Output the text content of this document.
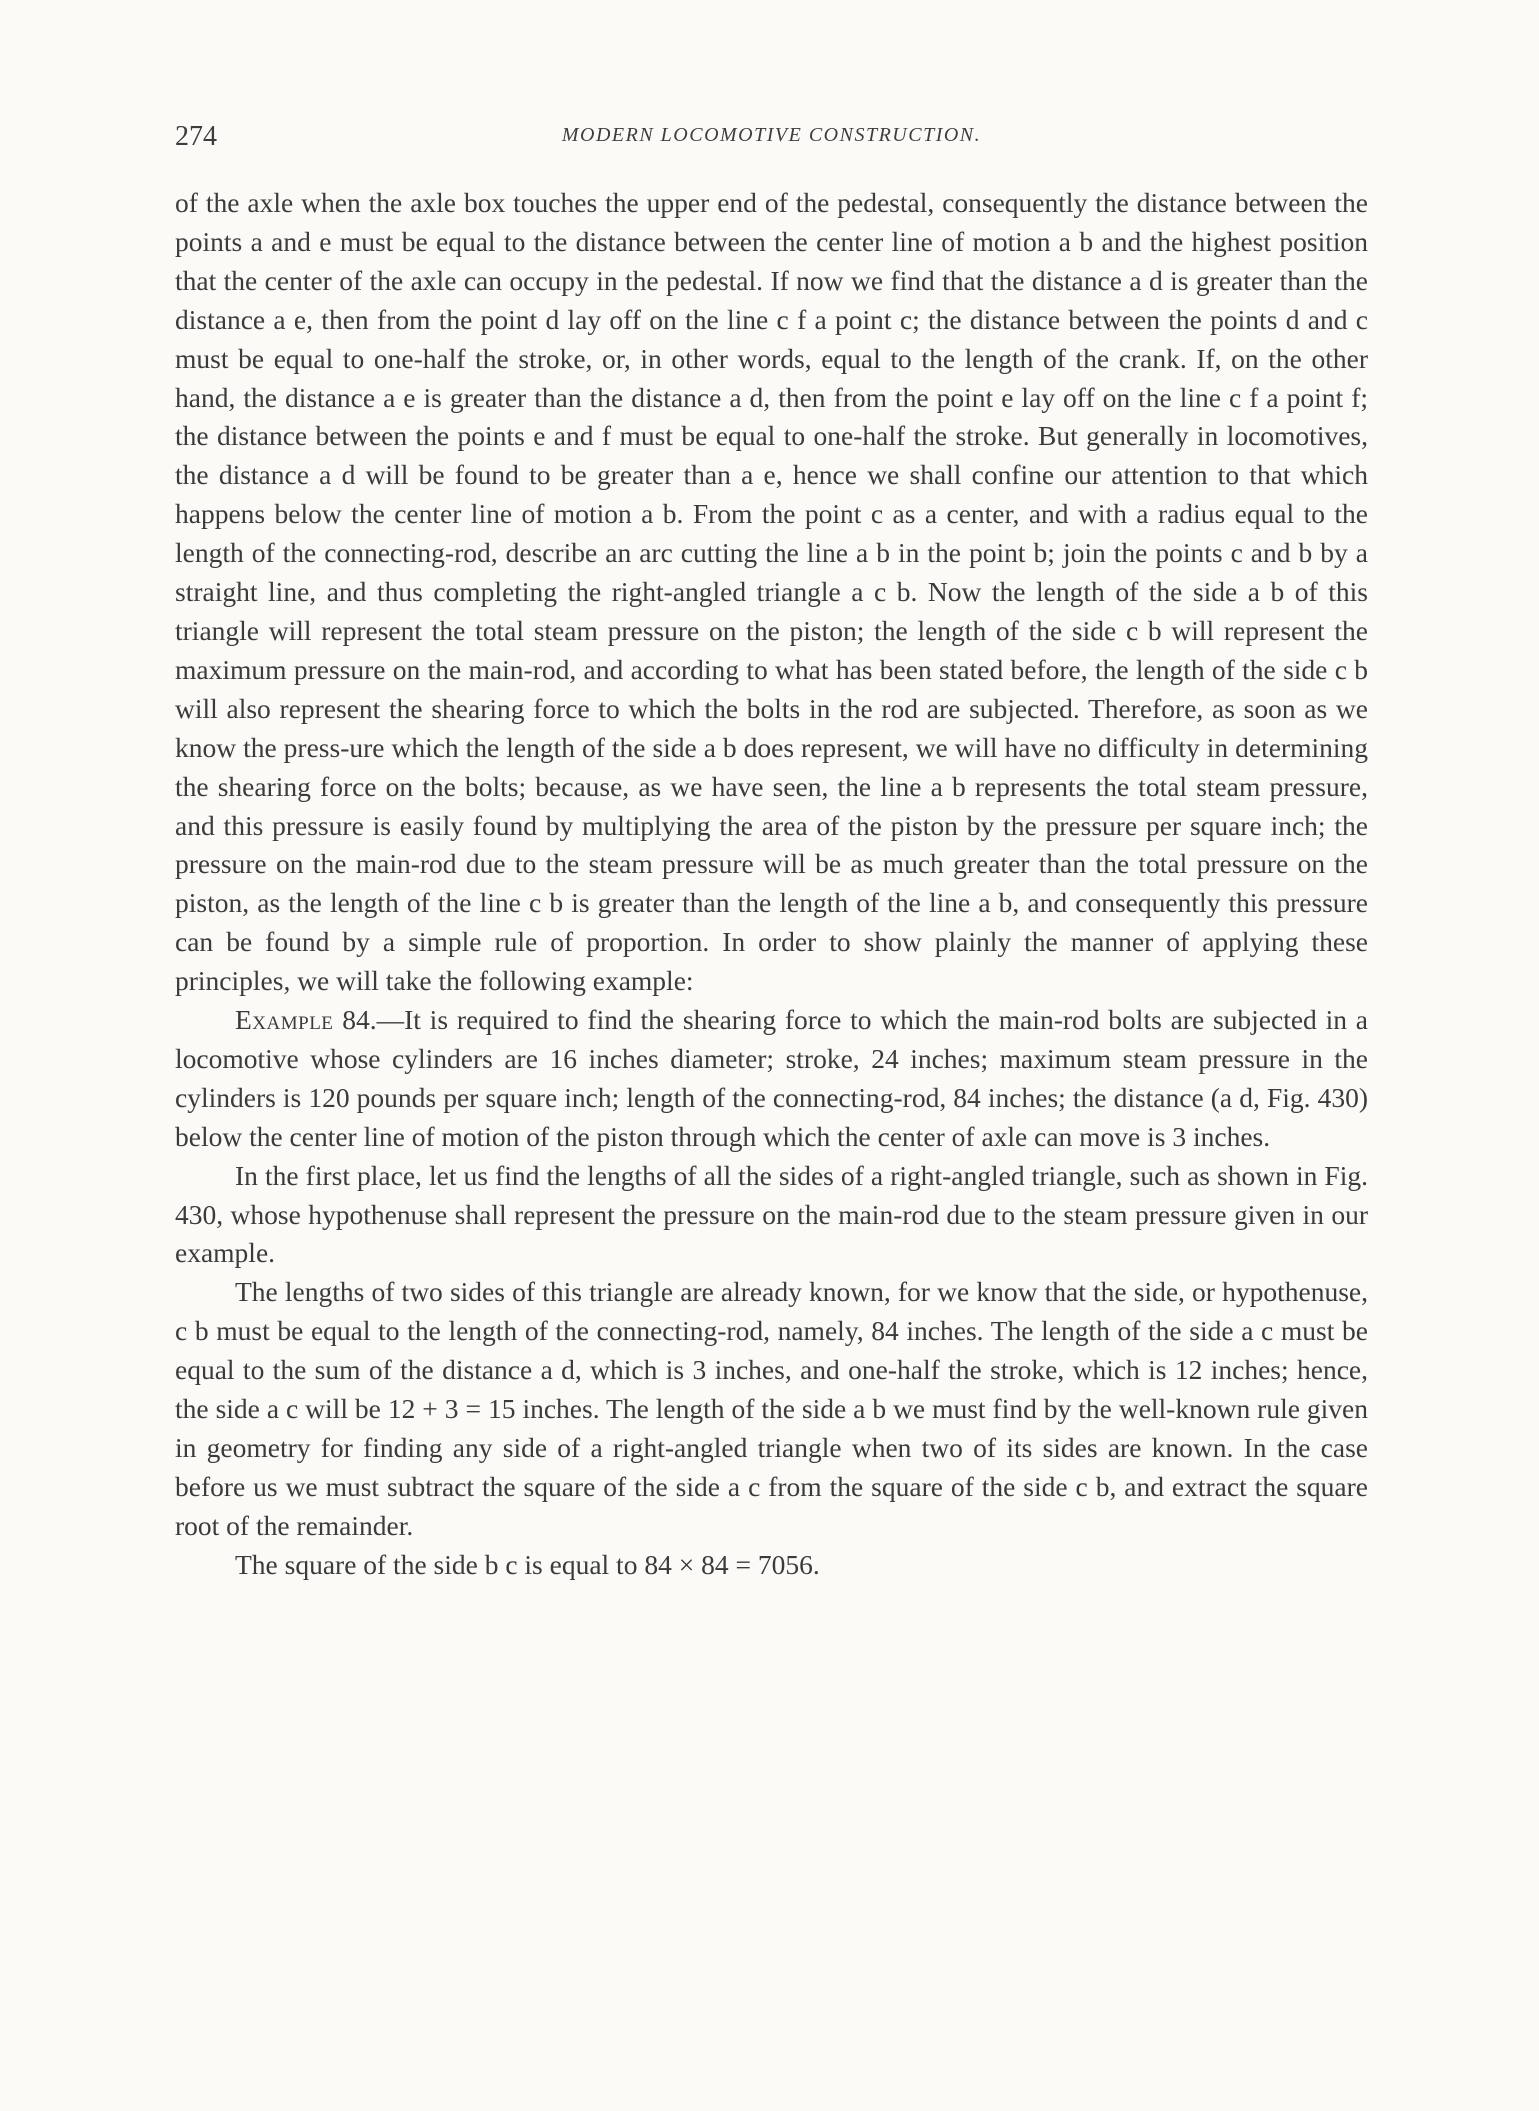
274	MODERN LOCOMOTIVE CONSTRUCTION.

of the axle when the axle box touches the upper end of the pedestal, consequently the distance between the points a and e must be equal to the distance between the center line of motion a b and the highest position that the center of the axle can occupy in the pedestal. If now we find that the distance a d is greater than the distance a e, then from the point d lay off on the line c f a point c; the distance between the points d and c must be equal to one-half the stroke, or, in other words, equal to the length of the crank. If, on the other hand, the distance a e is greater than the distance a d, then from the point e lay off on the line c f a point f; the distance between the points e and f must be equal to one-half the stroke. But generally in locomotives, the distance a d will be found to be greater than a e, hence we shall confine our attention to that which happens below the center line of motion a b. From the point c as a center, and with a radius equal to the length of the connecting-rod, describe an arc cutting the line a b in the point b; join the points c and b by a straight line, and thus completing the right-angled triangle a c b. Now the length of the side a b of this triangle will represent the total steam pressure on the piston; the length of the side c b will represent the maximum pressure on the main-rod, and according to what has been stated before, the length of the side c b will also represent the shearing force to which the bolts in the rod are subjected. Therefore, as soon as we know the press-ure which the length of the side a b does represent, we will have no difficulty in determining the shearing force on the bolts; because, as we have seen, the line a b represents the total steam pressure, and this pressure is easily found by multiplying the area of the piston by the pressure per square inch; the pressure on the main-rod due to the steam pressure will be as much greater than the total pressure on the piston, as the length of the line c b is greater than the length of the line a b, and consequently this pressure can be found by a simple rule of proportion. In order to show plainly the manner of applying these principles, we will take the following example:

Example 84.—It is required to find the shearing force to which the main-rod bolts are subjected in a locomotive whose cylinders are 16 inches diameter; stroke, 24 inches; maximum steam pressure in the cylinders is 120 pounds per square inch; length of the connecting-rod, 84 inches; the distance (a d, Fig. 430) below the center line of motion of the piston through which the center of axle can move is 3 inches.

In the first place, let us find the lengths of all the sides of a right-angled triangle, such as shown in Fig. 430, whose hypothenuse shall represent the pressure on the main-rod due to the steam pressure given in our example.

The lengths of two sides of this triangle are already known, for we know that the side, or hypothenuse, c b must be equal to the length of the connecting-rod, namely, 84 inches. The length of the side a c must be equal to the sum of the distance a d, which is 3 inches, and one-half the stroke, which is 12 inches; hence, the side a c will be 12 + 3 = 15 inches. The length of the side a b we must find by the well-known rule given in geometry for finding any side of a right-angled triangle when two of its sides are known. In the case before us we must subtract the square of the side a c from the square of the side c b, and extract the square root of the remainder.

The square of the side b c is equal to 84 × 84 = 7056.
